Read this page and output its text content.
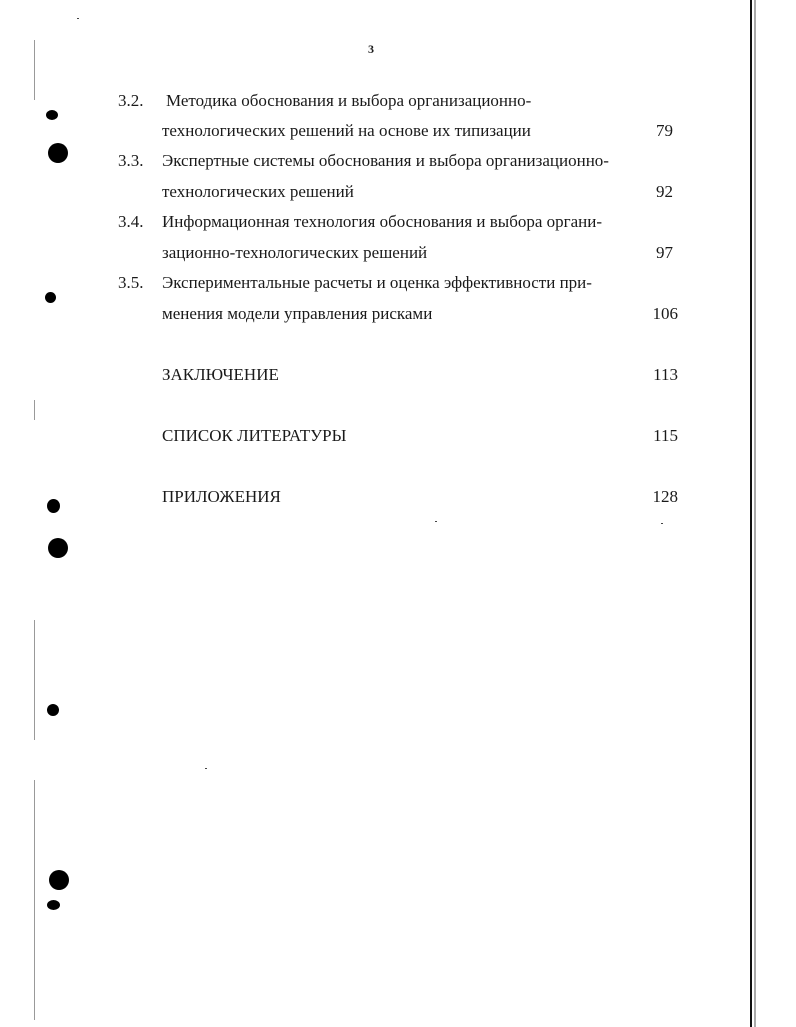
3
3.2. Методика обоснования и выбора организационно-
технологических решений на основе их типизации	79
3.3. Экспертные системы обоснования и выбора организационно-
технологических решений	92
3.4. Информационная технология обоснования и выбора органи-
зационно-технологических решений	97
3.5. Экспериментальные расчеты и оценка эффективности при-
менения модели управления рисками	106
ЗАКЛЮЧЕНИЕ	113
СПИСОК ЛИТЕРАТУРЫ	115
ПРИЛОЖЕНИЯ	128
